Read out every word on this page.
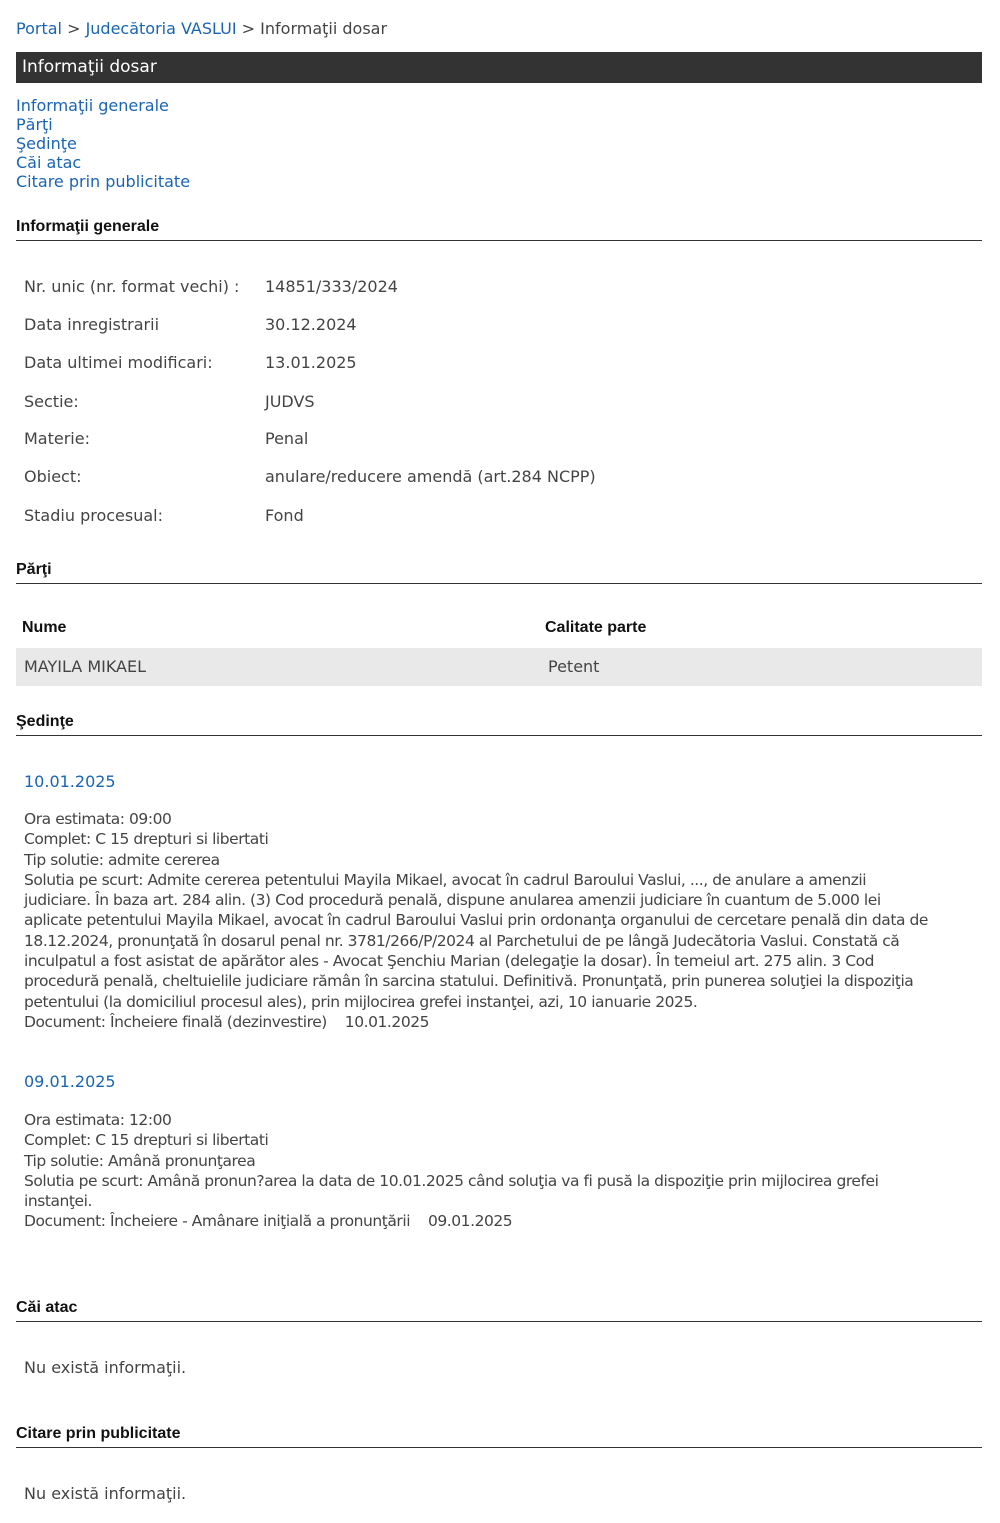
Portal > Judecătoria VASLUI > Informaţii dosar
Informaţii dosar
Informaţii generale
Părţi
Şedinţe
Căi atac
Citare prin publicitate
Informaţii generale
Nr. unic (nr. format vechi) : 14851/333/2024
Data inregistrarii	30.12.2024
Data ultimei modificari:	13.01.2025
Sectie:	JUDVS
Materie:	Penal
Obiect:	anulare/reducere amendă (art.284 NCPP)
Stadiu procesual:	Fond
Părţi
Nume	Calitate parte
MAYILA MIKAEL	Petent
Şedinţe
10.01.2025
Ora estimata: 09:00
Complet: C 15 drepturi si libertati
Tip solutie: admite cererea
Solutia pe scurt: Admite cererea petentului Mayila Mikael, avocat în cadrul Baroului Vaslui, ..., de anulare a amenzii
judiciare. În baza art. 284 alin. (3) Cod procedură penală, dispune anularea amenzii judiciare în cuantum de 5.000 lei
aplicate petentului Mayila Mikael, avocat în cadrul Baroului Vaslui prin ordonanţa organului de cercetare penală din data de
18.12.2024, pronunţată în dosarul penal nr. 3781/266/P/2024 al Parchetului de pe lângă Judecătoria Vaslui. Constată că
inculpatul a fost asistat de apărător ales - Avocat Şenchiu Marian (delegaţie la dosar). În temeiul art. 275 alin. 3 Cod
procedură penală, cheltuielile judiciare rămân în sarcina statului. Definitivă. Pronunţată, prin punerea soluţiei la dispoziţia
petentului (la domiciliul procesul ales), prin mijlocirea grefei instanţei, azi, 10 ianuarie 2025.
Document: Încheiere finală (dezinvestire)    10.01.2025
09.01.2025
Ora estimata: 12:00
Complet: C 15 drepturi si libertati
Tip solutie: Amână pronunţarea
Solutia pe scurt: Amână pronun?area la data de 10.01.2025 când soluţia va fi pusă la dispoziţie prin mijlocirea grefei
instanţei.
Document: Încheiere - Amânare iniţială a pronunţării    09.01.2025
Căi atac
Nu există informaţii.
Citare prin publicitate
Nu există informaţii.
